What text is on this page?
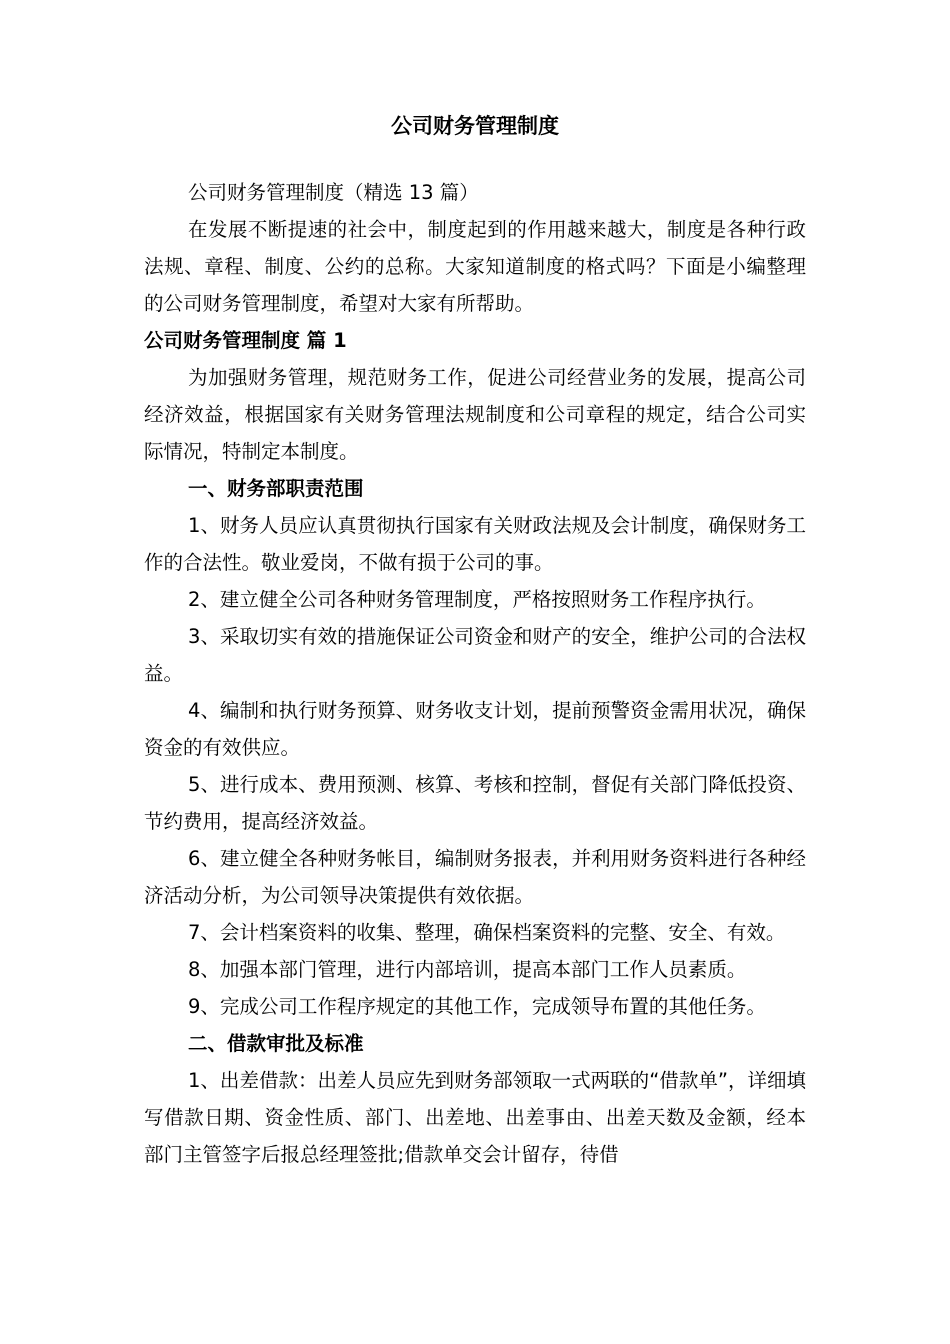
公司财务管理制度

公司财务管理制度（精选 13 篇）

在发展不断提速的社会中，制度起到的作用越来越大，制度是各种行政法规、章程、制度、公约的总称。大家知道制度的格式吗？下面是小编整理的公司财务管理制度，希望对大家有所帮助。

公司财务管理制度 篇 1

为加强财务管理，规范财务工作，促进公司经营业务的发展，提高公司经济效益，根据国家有关财务管理法规制度和公司章程的规定，结合公司实际情况，特制定本制度。

一、财务部职责范围

1、财务人员应认真贯彻执行国家有关财政法规及会计制度，确保财务工作的合法性。敬业爱岗，不做有损于公司的事。

2、建立健全公司各种财务管理制度，严格按照财务工作程序执行。

3、采取切实有效的措施保证公司资金和财产的安全，维护公司的合法权益。

4、编制和执行财务预算、财务收支计划，提前预警资金需用状况，确保资金的有效供应。

5、进行成本、费用预测、核算、考核和控制，督促有关部门降低投资、节约费用，提高经济效益。

6、建立健全各种财务帐目，编制财务报表，并利用财务资料进行各种经济活动分析，为公司领导决策提供有效依据。

7、会计档案资料的收集、整理，确保档案资料的完整、安全、有效。

8、加强本部门管理，进行内部培训，提高本部门工作人员素质。

9、完成公司工作程序规定的其他工作，完成领导布置的其他任务。

二、借款审批及标准

1、出差借款：出差人员应先到财务部领取一式两联的“借款单”，详细填写借款日期、资金性质、部门、出差地、出差事由、出差天数及金额，经本部门主管签字后报总经理签批;借款单交会计留存，待借
